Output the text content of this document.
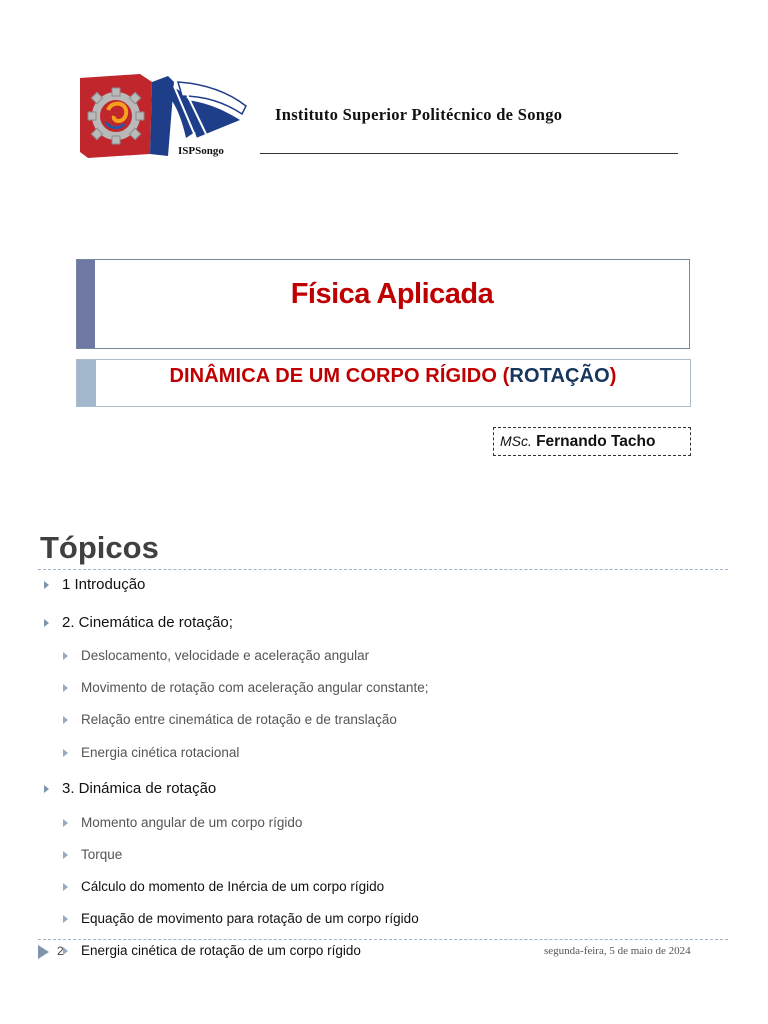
ISPSongo
Instituto Superior Politécnico de Songo
Física Aplicada
DINÂMICA DE UM CORPO RÍGIDO (ROTAÇÃO)
MSc. Fernando Tacho
Tópicos
1 Introdução
2. Cinemática de rotação;
Deslocamento, velocidade e aceleração angular
Movimento de rotação com aceleração angular constante;
Relação entre cinemática de rotação e de translação
Energia cinética rotacional
3. Dinámica de rotação
Momento angular de um corpo rígido
Torque
Cálculo do momento de Inércia de um corpo rígido
Equação de movimento para rotação de um corpo rígido
Energia cinética de rotação de um corpo rígido
2	segunda-feira, 5 de maio de 2024
